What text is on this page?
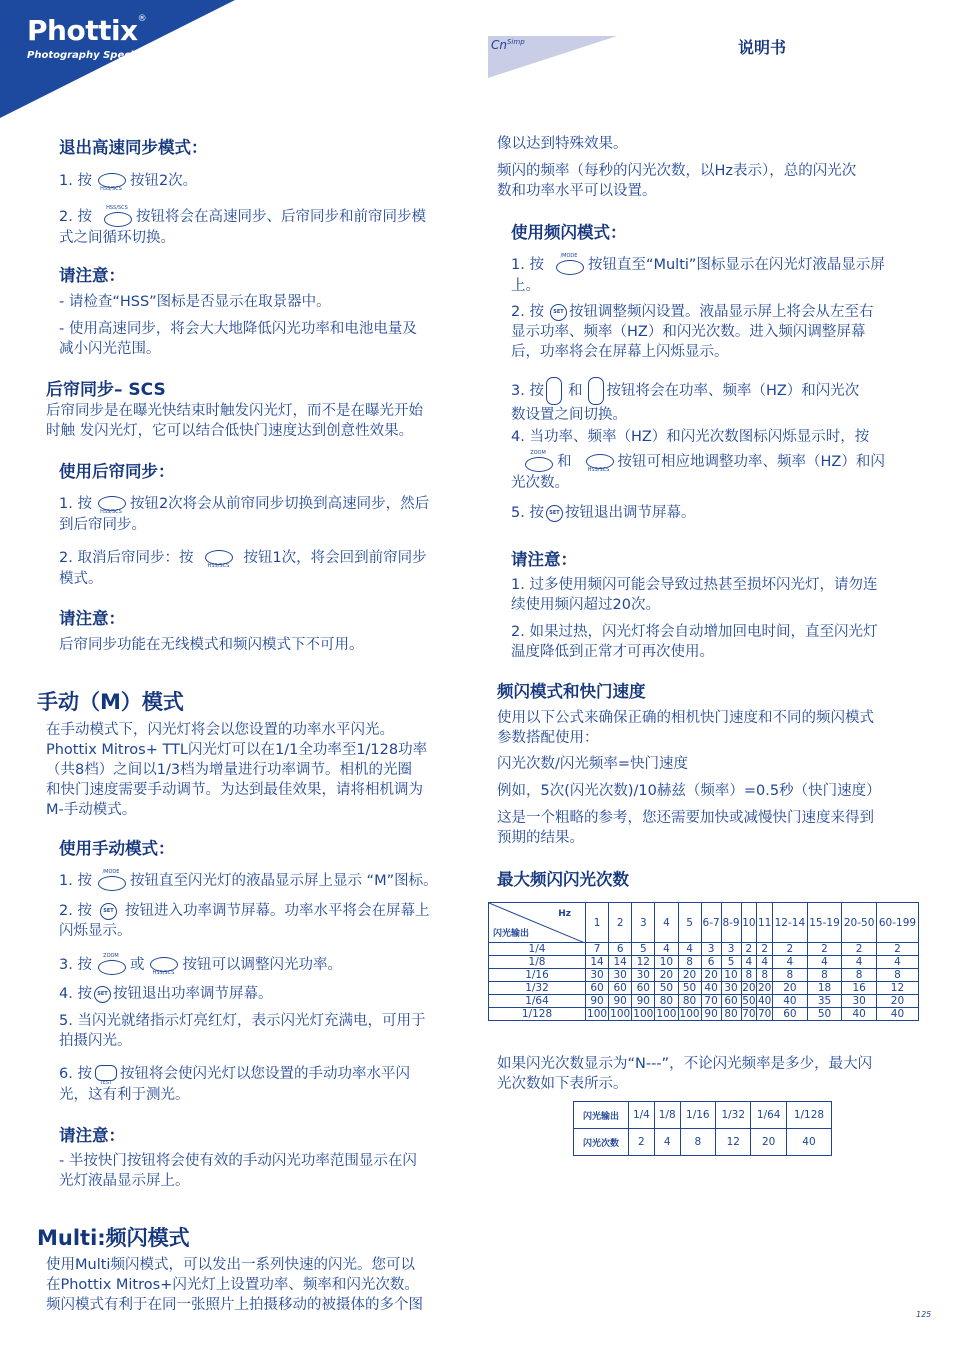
Phottix®
Photography Specialists
$Cn^{Simp}$	说明书
退出高速同步模式：
1. 按	HSS/SCS 按钮2次。
2. 按
HSS/SCS
按钮将会在高速同步、后帘同步和前帘同步模
式之间循环切换。
请注意：
- 请检查“HSS”图标是否显示在取景器中。
- 使用高速同步，将会大大地降低闪光功率和电池电量及
减小闪光范围。
后帘同步– SCS
后帘同步是在曝光快结束时触发闪光灯，而不是在曝光开始
时触 发闪光灯，它可以结合低快门速度达到创意性效果。
使用后帘同步：
1. 按	HSS/SCS 按钮2次将会从前帘同步切换到高速同步，然后
到后帘同步。
2. 取消后帘同步：按	HSS/SCS 按钮1次，将会回到前帘同步
模式。
请注意：
后帘同步功能在无线模式和频闪模式下不可用。
手动（M）模式
在手动模式下，闪光灯将会以您设置的功率水平闪光。
Phottix Mitros+ TTL闪光灯可以在1/1全功率至1/128功率
（共8档）之间以1/3档为增量进行功率调节。相机的光圈
和快门速度需要手动调节。为达到最佳效果，请将相机调为
M-手动模式。
使用手动模式：
1. 按
/MODE
按钮直至闪光灯的液晶显示屏上显示 “M”图标。
2. 按 SET 按钮进入功率调节屏幕。功率水平将会在屏幕上
闪烁显示。
3. 按
ZOOM
或	HSS/SCS 按钮可以调整闪光功率。
4. 按 SET 按钮退出功率调节屏幕。
5. 当闪光就绪指示灯亮红灯，表示闪光灯充满电，可用于
拍摄闪光。
6. 按
TEST
按钮将会使闪光灯以您设置的手动功率水平闪
光，这有利于测光。
请注意：
- 半按快门按钮将会使有效的手动闪光功率范围显示在闪
光灯液晶显示屏上。
Multi:频闪模式
使用Multi频闪模式，可以发出一系列快速的闪光。您可以
在Phottix Mitros+闪光灯上设置功率、频率和闪光次数。
频闪模式有利于在同一张照片上拍摄移动的被摄体的多个图
像以达到特殊效果。
频闪的频率（每秒的闪光次数，以Hz表示），总的闪光次
数和功率水平可以设置。
使用频闪模式：
1. 按
/MODE
按钮直至“Multi”图标显示在闪光灯液晶显示屏
上。
2. 按 SET 按钮调整频闪设置。液晶显示屏上将会从左至右
显示功率、频率（HZ）和闪光次数。进入频闪调整屏幕
后，功率将会在屏幕上闪烁显示。
3. 按 和 按钮将会在功率、频率（HZ）和闪光次
数设置之间切换。
4. 当功率、频率（HZ）和闪光次数图标闪烁显示时，按
ZOOM
和	HSS/SCS 按钮可相应地调整功率、频率（HZ）和闪
光次数。
5. 按 SET 按钮退出调节屏幕。
请注意：
1. 过多使用频闪可能会导致过热甚至损坏闪光灯，请勿连
续使用频闪超过20次。
2. 如果过热，闪光灯将会自动增加回电时间，直至闪光灯
温度降低到正常才可再次使用。
频闪模式和快门速度
使用以下公式来确保正确的相机快门速度和不同的频闪模式
参数搭配使用：
闪光次数/闪光频率=快门速度
例如，5次(闪光次数)/10赫兹（频率）=0.5秒（快门速度）
这是一个粗略的参考，您还需要加快或减慢快门速度来得到
预期的结果。
最大频闪闪光次数
Hz
闪光输出	1	2	3	4	5	6-7	8-9	10	11	12-14	15-19	20-50	60-199
1/4	7	6	5	4	4	3	3	2	2	2	2	2	2
1/8	14	14	12	10	8	6	5	4	4	4	4	4	4
1/16	30	30	30	20	20	20	10	8	8	8	8	8	8
1/32	60	60	60	50	50	40	30	20	20	20	18	16	12
1/64	90	90	90	80	80	70	60	50	40	40	35	30	20
1/128	100	100	100	100	100	90	80	70	70	60	50	40	40
如果闪光次数显示为“N---”，不论闪光频率是多少，最大闪
光次数如下表所示。
闪光输出	1/4	1/8	1/16	1/32	1/64	1/128
闪光次数	2	4	8	12	20	40
125
